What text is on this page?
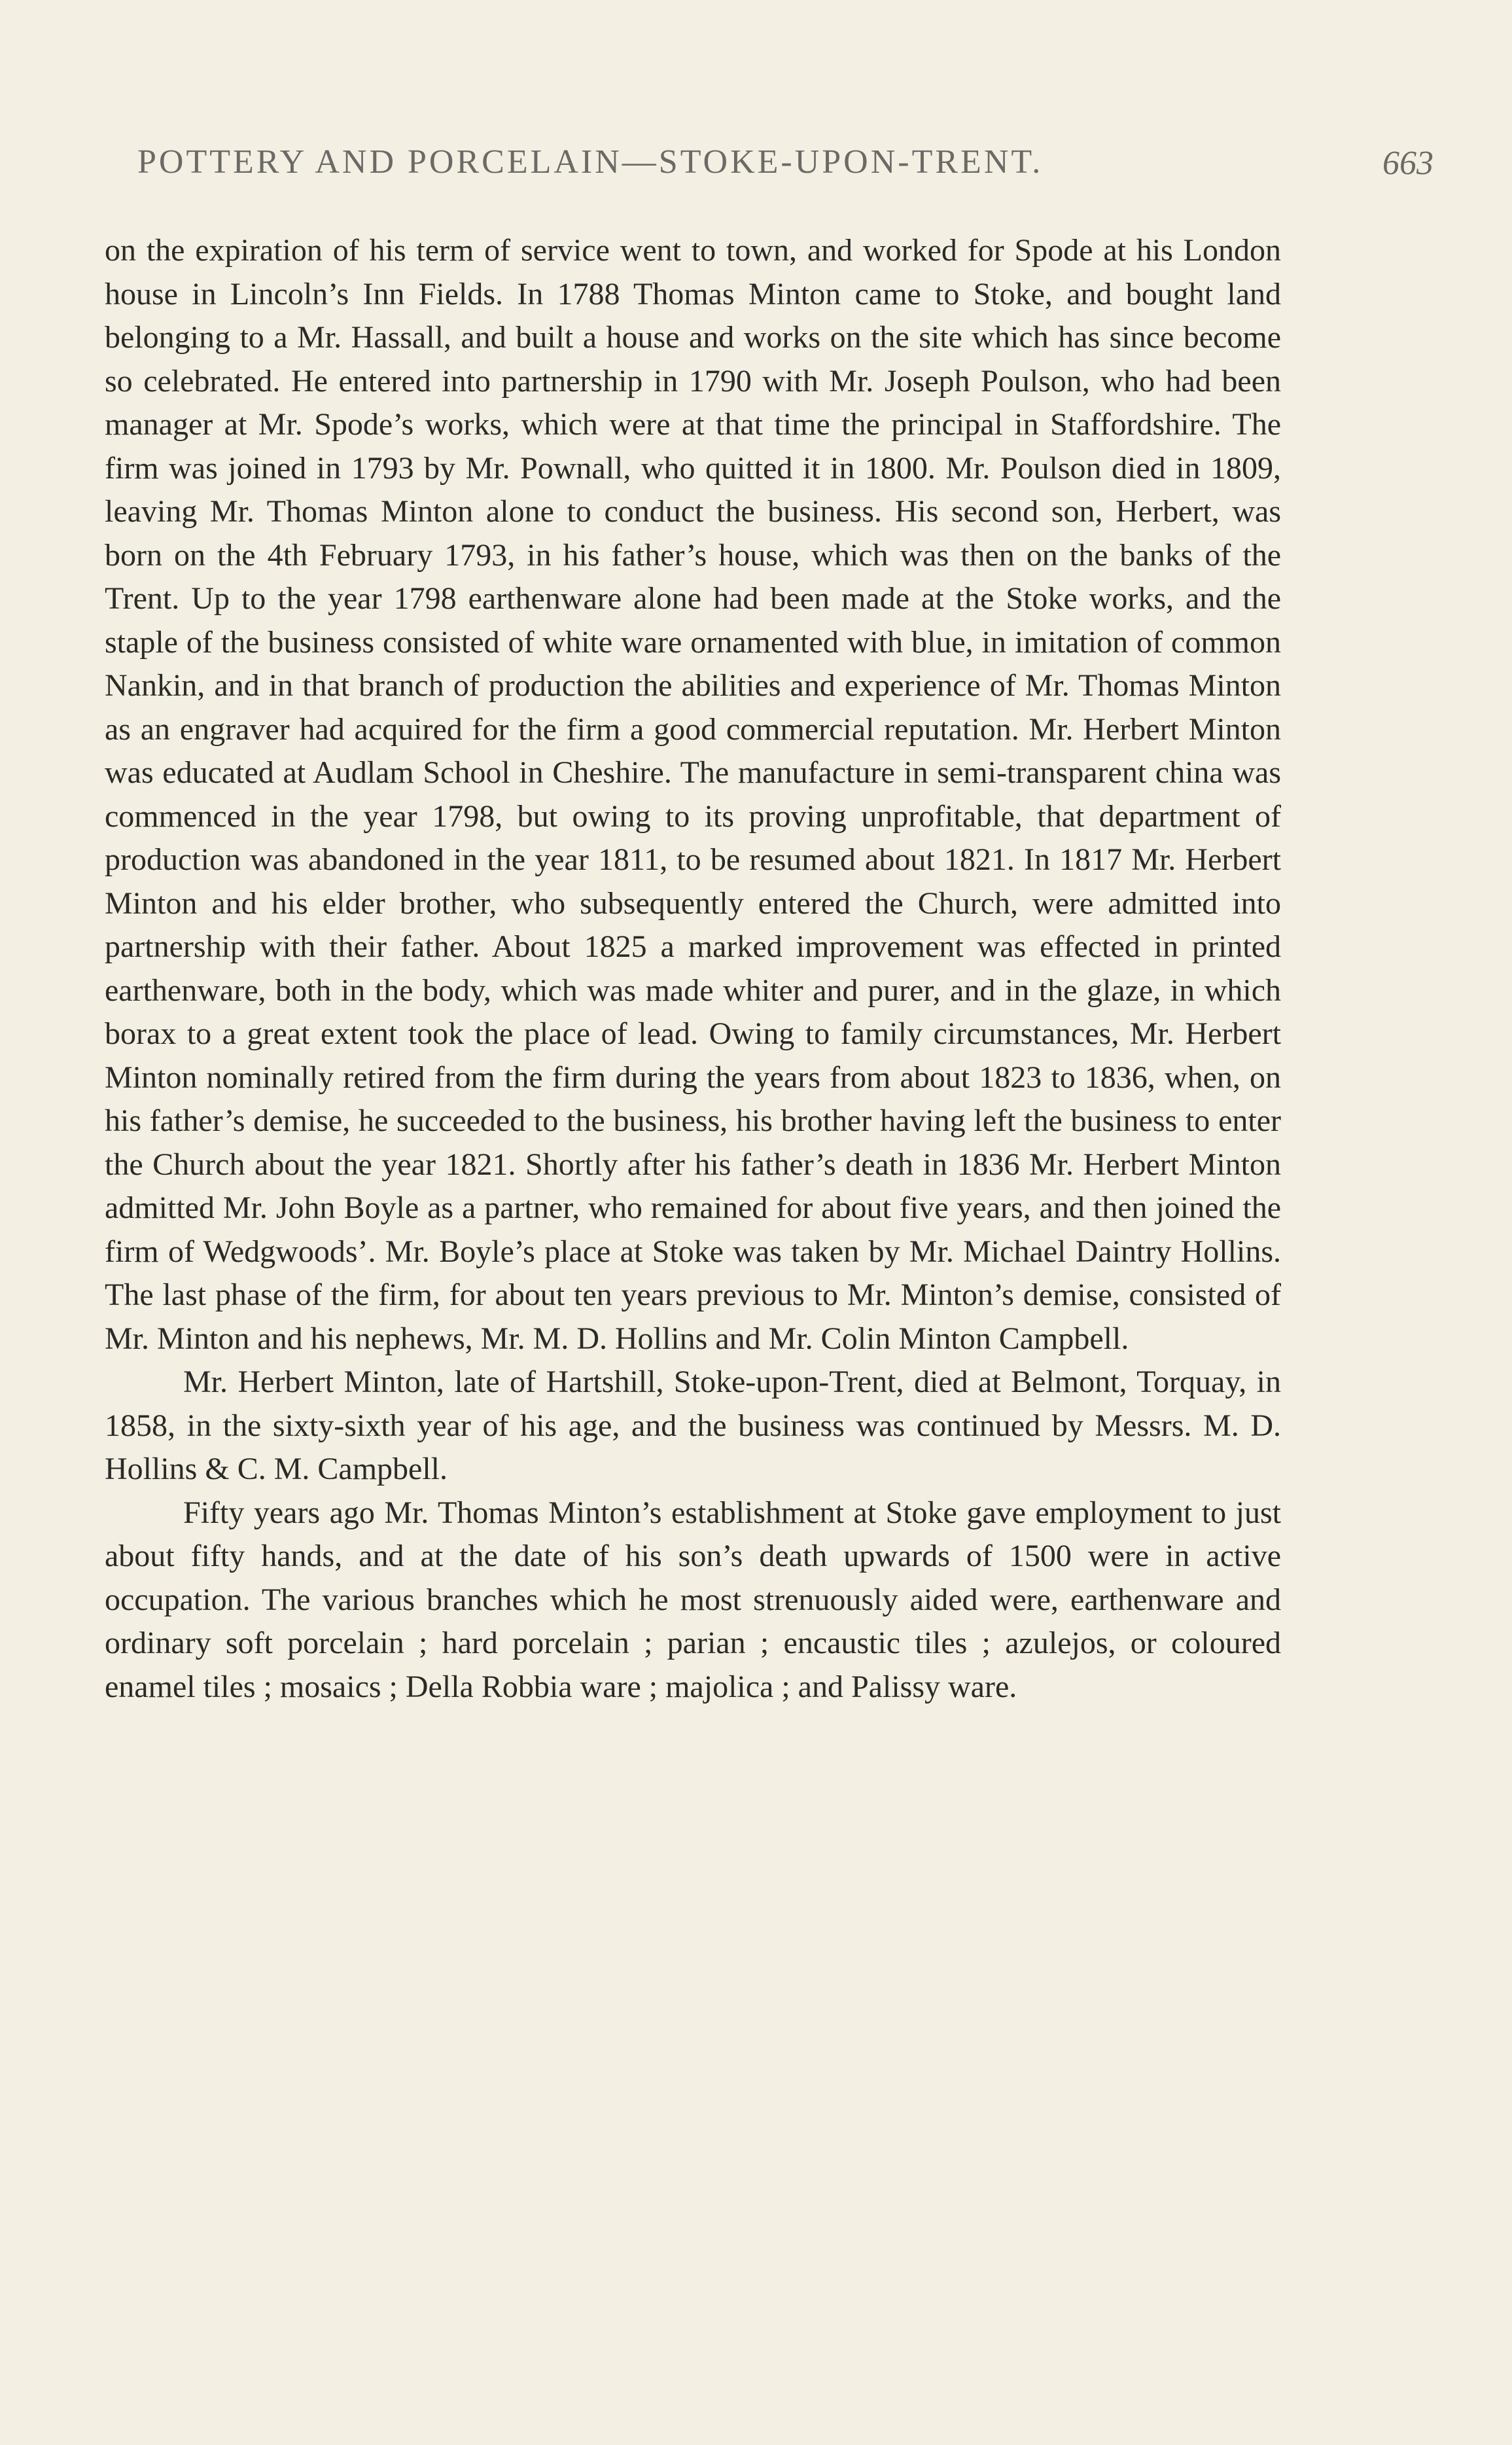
POTTERY AND PORCELAIN—STOKE-UPON-TRENT.	663

on the expiration of his term of service went to town, and worked for Spode at his London house in Lincoln’s Inn Fields. In 1788 Thomas Minton came to Stoke, and bought land belonging to a Mr. Hassall, and built a house and works on the site which has since become so celebrated. He entered into partnership in 1790 with Mr. Joseph Poulson, who had been manager at Mr. Spode’s works, which were at that time the principal in Staffordshire. The firm was joined in 1793 by Mr. Pownall, who quitted it in 1800. Mr. Poulson died in 1809, leaving Mr. Thomas Minton alone to conduct the business. His second son, Herbert, was born on the 4th February 1793, in his father’s house, which was then on the banks of the Trent. Up to the year 1798 earthenware alone had been made at the Stoke works, and the staple of the business consisted of white ware ornamented with blue, in imitation of common Nankin, and in that branch of production the abilities and experience of Mr. Thomas Minton as an engraver had acquired for the firm a good commercial reputation. Mr. Herbert Minton was educated at Audlam School in Cheshire. The manufacture in semi-transparent china was commenced in the year 1798, but owing to its proving unprofitable, that department of production was abandoned in the year 1811, to be resumed about 1821. In 1817 Mr. Herbert Minton and his elder brother, who subsequently entered the Church, were admitted into partnership with their father. About 1825 a marked improvement was effected in printed earthenware, both in the body, which was made whiter and purer, and in the glaze, in which borax to a great extent took the place of lead. Owing to family circumstances, Mr. Herbert Minton nominally retired from the firm during the years from about 1823 to 1836, when, on his father’s demise, he succeeded to the business, his brother having left the business to enter the Church about the year 1821. Shortly after his father’s death in 1836 Mr. Herbert Minton admitted Mr. John Boyle as a partner, who remained for about five years, and then joined the firm of Wedgwoods’. Mr. Boyle’s place at Stoke was taken by Mr. Michael Daintry Hollins. The last phase of the firm, for about ten years previous to Mr. Minton’s demise, consisted of Mr. Minton and his nephews, Mr. M. D. Hollins and Mr. Colin Minton Campbell.

Mr. Herbert Minton, late of Hartshill, Stoke-upon-Trent, died at Belmont, Torquay, in 1858, in the sixty-sixth year of his age, and the business was continued by Messrs. M. D. Hollins & C. M. Campbell.

Fifty years ago Mr. Thomas Minton’s establishment at Stoke gave employment to just about fifty hands, and at the date of his son’s death upwards of 1500 were in active occupation. The various branches which he most strenuously aided were, earthenware and ordinary soft porcelain ; hard porcelain ; parian ; encaustic tiles ; azulejos, or coloured enamel tiles ; mosaics ; Della Robbia ware ; majolica ; and Palissy ware.
